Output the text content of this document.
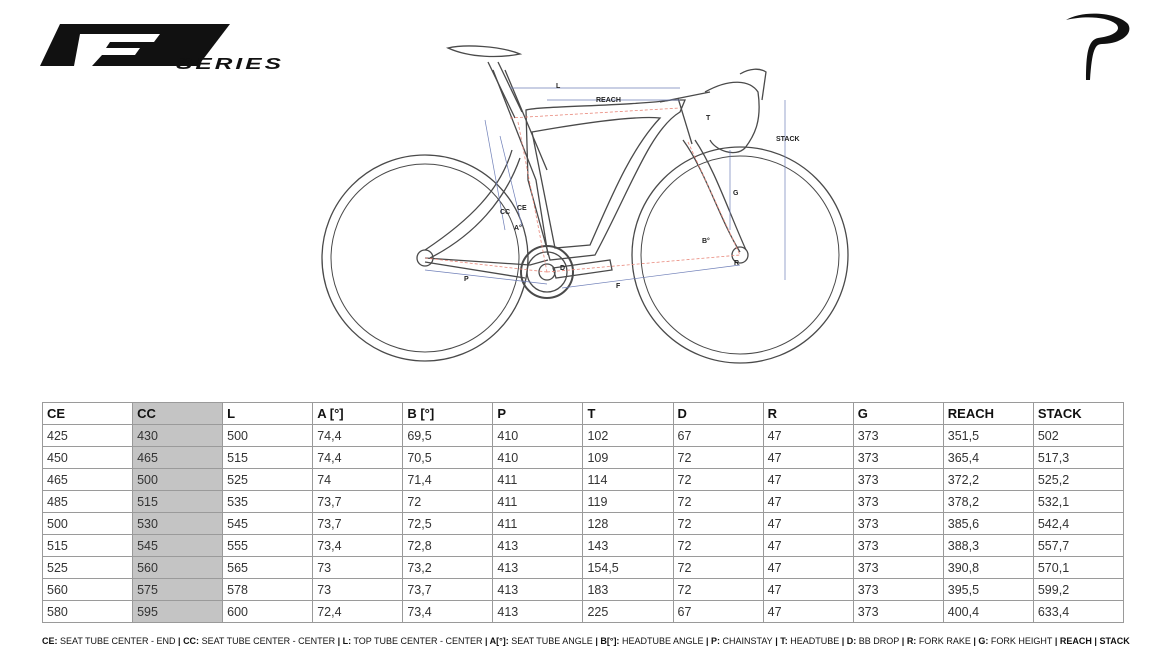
SERIES
L
REACH
STACK
T
G
CC
CE
A°
B°
D
R
P
F
CE	CC	L	A [°]	B [°]	P	T	D	R	G	REACH	STACK
425	430	500	74,4	69,5	410	102	67	47	373	351,5	502
450	465	515	74,4	70,5	410	109	72	47	373	365,4	517,3
465	500	525	74	71,4	411	114	72	47	373	372,2	525,2
485	515	535	73,7	72	411	119	72	47	373	378,2	532,1
500	530	545	73,7	72,5	411	128	72	47	373	385,6	542,4
515	545	555	73,4	72,8	413	143	72	47	373	388,3	557,7
525	560	565	73	73,2	413	154,5	72	47	373	390,8	570,1
560	575	578	73	73,7	413	183	72	47	373	395,5	599,2
580	595	600	72,4	73,4	413	225	67	47	373	400,4	633,4
CE: SEAT TUBE CENTER - END | CC: SEAT TUBE CENTER - CENTER | L: TOP TUBE CENTER - CENTER | A[°]: SEAT TUBE ANGLE | B[°]: HEADTUBE ANGLE | P: CHAINSTAY | T: HEADTUBE | D: BB DROP | R: FORK RAKE | G: FORK HEIGHT | REACH | STACK
